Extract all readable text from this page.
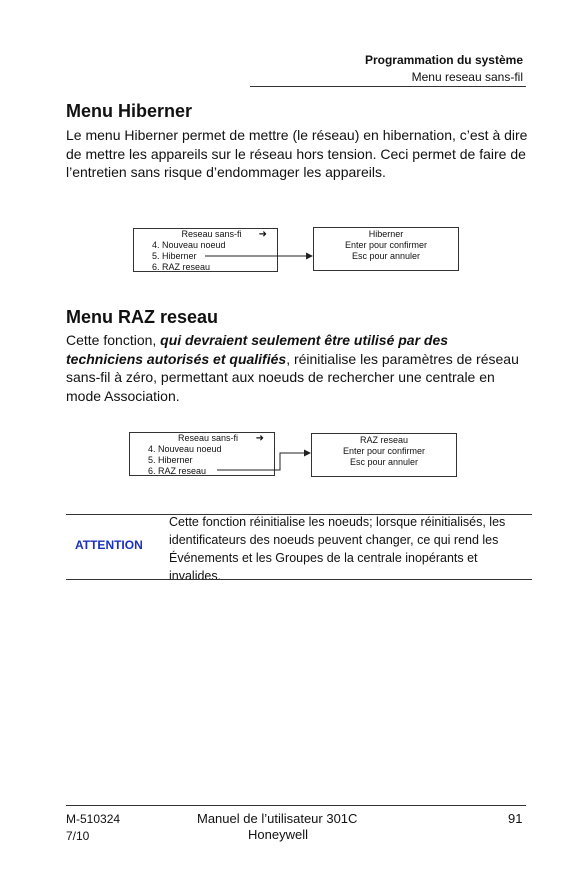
Programmation du système
Menu reseau sans-fil
Menu Hiberner
Le menu Hiberner permet de mettre (le réseau) en hibernation, c’est à dire de mettre les appareils sur le réseau hors tension. Ceci permet de faire de l’entretien sans risque d’endommager les appareils.
Reseau sans-fi	➜
4. Nouveau noeud
5. Hiberner
6. RAZ reseau
Hiberner
Enter pour confirmer
Esc pour annuler
Menu RAZ reseau
Cette fonction, qui devraient seulement être utilisé par des techniciens autorisés et qualifiés, réinitialise les paramètres de réseau sans-fil à zéro, permettant aux noeuds de rechercher une centrale en mode Association.
Reseau sans-fi	➜
4. Nouveau noeud
5. Hiberner
6. RAZ reseau
RAZ reseau
Enter pour confirmer
Esc pour annuler
ATTENTION
Cette fonction réinitialise les noeuds; lorsque réinitialisés, les identificateurs des noeuds peuvent changer, ce qui rend les Événements et les Groupes de la centrale inopérants et invalides.
M-510324
7/10
Manuel de l’utilisateur 301C
Honeywell
91
